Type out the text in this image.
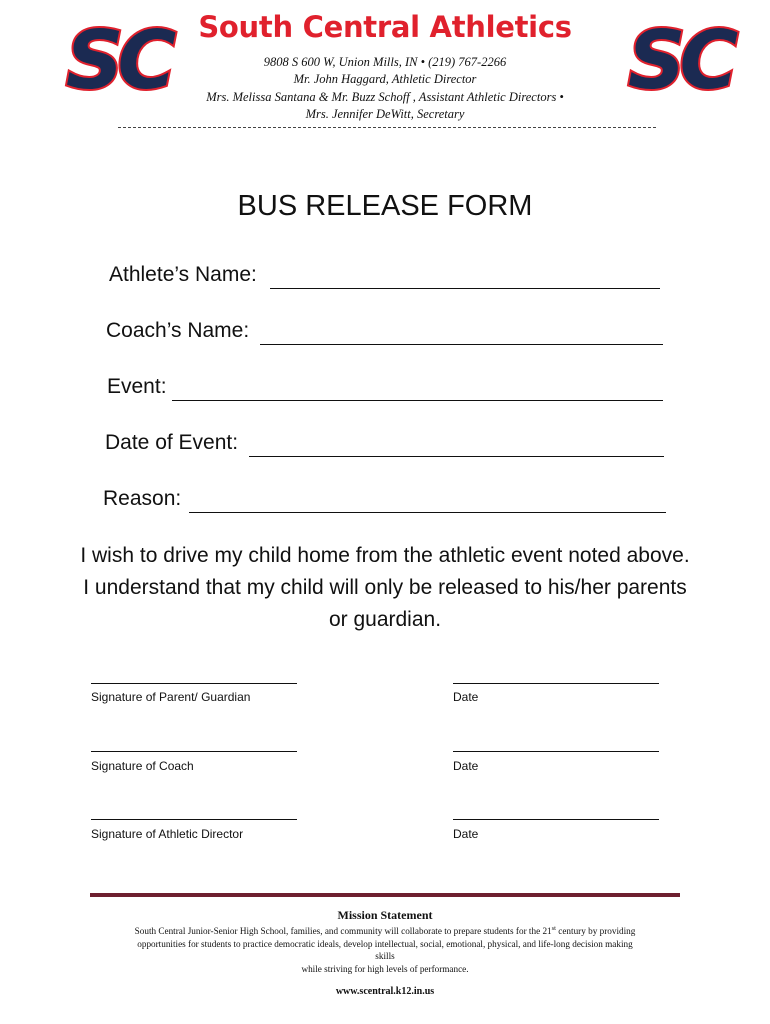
SC	SC
South Central Athletics
9808 S 600 W, Union Mills, IN • (219) 767-2266
Mr. John Haggard, Athletic Director
Mrs. Melissa Santana & Mr. Buzz Schoff , Assistant Athletic Directors •
Mrs. Jennifer DeWitt, Secretary
BUS RELEASE FORM
Athlete’s Name:
Coach’s Name:
Event:
Date of Event:
Reason:
I wish to drive my child home from the athletic event noted above. I understand that my child will only be released to his/her parents or guardian.
Signature of Parent/ Guardian	Date
Signature of Coach	Date
Signature of Athletic Director	Date
Mission Statement
South Central Junior-Senior High School, families, and community will collaborate to prepare students for the 21st century by providing
opportunities for students to practice democratic ideals, develop intellectual, social, emotional, physical, and life-long decision making
skills
while striving for high levels of performance.
www.scentral.k12.in.us
